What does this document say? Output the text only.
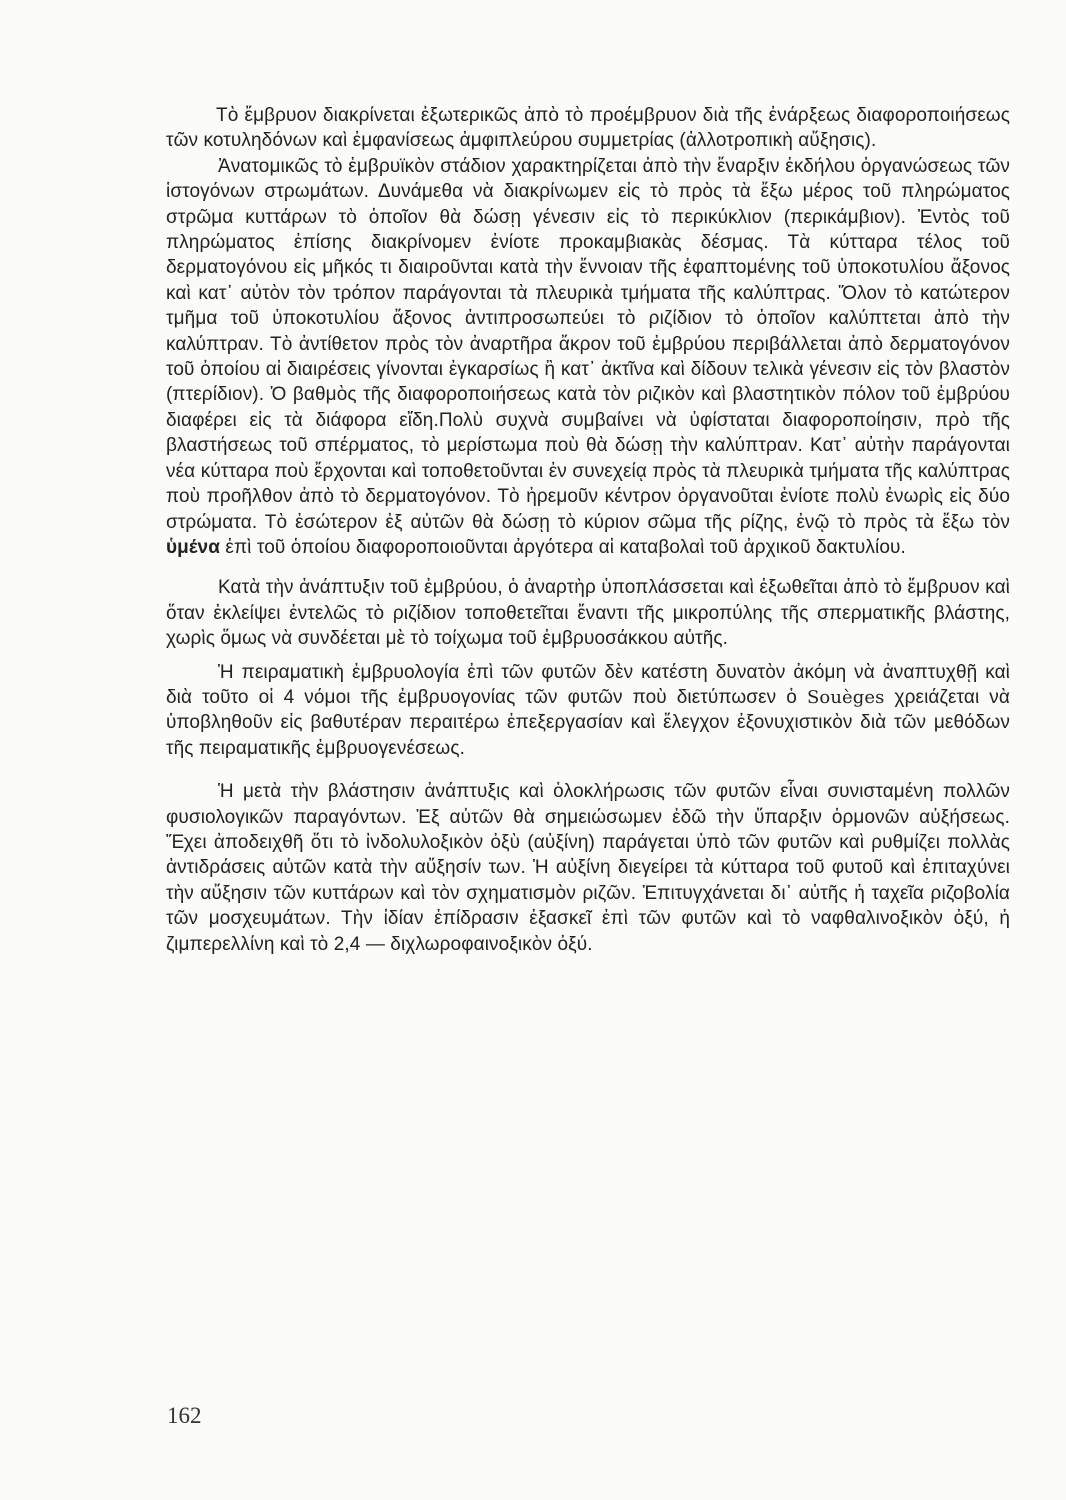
Τὸ ἔμβρυον διακρίνεται ἐξωτερικῶς ἀπὸ τὸ προέμβρυον διὰ τῆς ἐνάρξεως διαφοροποιήσεως τῶν κοτυληδόνων καὶ ἐμφανίσεως ἀμφιπλεύρου συμμετρίας (ἀλλοτροπικὴ αὔξησις).

Ἀνατομικῶς τὸ ἐμβρυϊκὸν στάδιον χαρακτηρίζεται ἀπὸ τὴν ἔναρξιν ἐκδήλου ὀργανώσεως τῶν ἱστογόνων στρωμάτων. Δυνάμεθα νὰ διακρίνωμεν εἰς τὸ πρὸς τὰ ἔξω μέρος τοῦ πληρώματος στρῶμα κυττάρων τὸ ὁποῖον θὰ δώσῃ γένεσιν εἰς τὸ περικύκλιον (περικάμβιον). Ἐντὸς τοῦ πληρώματος ἐπίσης διακρίνομεν ἐνίοτε προκαμβιακὰς δέσμας. Τὰ κύτταρα τέλος τοῦ δερματογόνου εἰς μῆκός τι διαιροῦνται κατὰ τὴν ἔννοιαν τῆς ἐφαπτομένης τοῦ ὑποκοτυλίου ἄξονος καὶ κατ᾽ αὐτὸν τὸν τρόπον παράγονται τὰ πλευρικὰ τμήματα τῆς καλύπτρας. Ὅλον τὸ κατώτερον τμῆμα τοῦ ὑποκοτυλίου ἄξονος ἀντιπροσωπεύει τὸ ριζίδιον τὸ ὁποῖον καλύπτεται ἀπὸ τὴν καλύπτραν. Τὸ ἀντίθετον πρὸς τὸν ἀναρτῆρα ἄκρον τοῦ ἐμβρύου περιβάλλεται ἀπὸ δερματογόνον τοῦ ὁποίου αἱ διαιρέσεις γίνονται ἐγκαρσίως ἢ κατ᾽ ἀκτῖνα καὶ δίδουν τελικὰ γένεσιν εἰς τὸν βλαστὸν (πτερίδιον). Ὁ βαθμὸς τῆς διαφοροποιήσεως κατὰ τὸν ριζικὸν καὶ βλαστητικὸν πόλον τοῦ ἐμβρύου διαφέρει εἰς τὰ διάφορα εἴδη.Πολὺ συχνὰ συμβαίνει νὰ ὑφίσταται διαφοροποίησιν, πρὸ τῆς βλαστήσεως τοῦ σπέρματος, τὸ μερίστωμα ποὺ θὰ δώσῃ τὴν καλύπτραν. Κατ᾽ αὐτὴν παράγονται νέα κύτταρα ποὺ ἔρχονται καὶ τοποθετοῦνται ἐν συνεχείᾳ πρὸς τὰ πλευρικὰ τμήματα τῆς καλύπτρας ποὺ προῆλθον ἀπὸ τὸ δερματογόνον. Τὸ ἠρεμοῦν κέντρον ὀργανοῦται ἐνίοτε πολὺ ἐνωρὶς εἰς δύο στρώματα. Τὸ ἐσώτερον ἐξ αὐτῶν θὰ δώσῃ τὸ κύριον σῶμα τῆς ρίζης, ἐνῷ τὸ πρὸς τὰ ἔξω τὸν ὑμένα ἐπὶ τοῦ ὁποίου διαφοροποιοῦνται ἀργότερα αἱ καταβολαὶ τοῦ ἀρχικοῦ δακτυλίου.

Κατὰ τὴν ἀνάπτυξιν τοῦ ἐμβρύου, ὁ ἀναρτὴρ ὑποπλάσσεται καὶ ἐξωθεῖται ἀπὸ τὸ ἔμβρυον καὶ ὅταν ἐκλείψει ἐντελῶς τὸ ριζίδιον τοποθετεῖται ἔναντι τῆς μικροπύλης τῆς σπερματικῆς βλάστης, χωρὶς ὅμως νὰ συνδέεται μὲ τὸ τοίχωμα τοῦ ἐμβρυοσάκκου αὐτῆς.

Ἡ πειραματικὴ ἐμβρυολογία ἐπὶ τῶν φυτῶν δὲν κατέστη δυνατὸν ἀκόμη νὰ ἀναπτυχθῇ καὶ διὰ τοῦτο οἱ 4 νόμοι τῆς ἐμβρυογονίας τῶν φυτῶν ποὺ διετύπωσεν ὁ Souèges χρειάζεται νὰ ὑποβληθοῦν εἰς βαθυτέραν περαιτέρω ἐπεξεργασίαν καὶ ἔλεγχον ἐξονυχιστικὸν διὰ τῶν μεθόδων τῆς πειραματικῆς ἐμβρυογενέσεως.

Ἡ μετὰ τὴν βλάστησιν ἀνάπτυξις καὶ ὁλοκλήρωσις τῶν φυτῶν εἶναι συνισταμένη πολλῶν φυσιολογικῶν παραγόντων. Ἐξ αὐτῶν θὰ σημειώσωμεν ἐδῶ τὴν ὕπαρξιν ὁρμονῶν αὐξήσεως. Ἔχει ἀποδειχθῆ ὅτι τὸ ἰνδολυλοξικὸν ὀξὺ (αὐξίνη) παράγεται ὑπὸ τῶν φυτῶν καὶ ρυθμίζει πολλὰς ἀντιδράσεις αὐτῶν κατὰ τὴν αὔξησίν των. Ἡ αὐξίνη διεγείρει τὰ κύτταρα τοῦ φυτοῦ καὶ ἐπιταχύνει τὴν αὔξησιν τῶν κυττάρων καὶ τὸν σχηματισμὸν ριζῶν. Ἐπιτυγχάνεται δι᾽ αὐτῆς ἡ ταχεῖα ριζοβολία τῶν μοσχευμάτων. Τὴν ἰδίαν ἐπίδρασιν ἐξασκεῖ ἐπὶ τῶν φυτῶν καὶ τὸ ναφθαλινοξικὸν ὀξύ, ἡ ζιμπερελλίνη καὶ τὸ 2,4 — διχλωροφαινοξικὸν ὀξύ.

162
